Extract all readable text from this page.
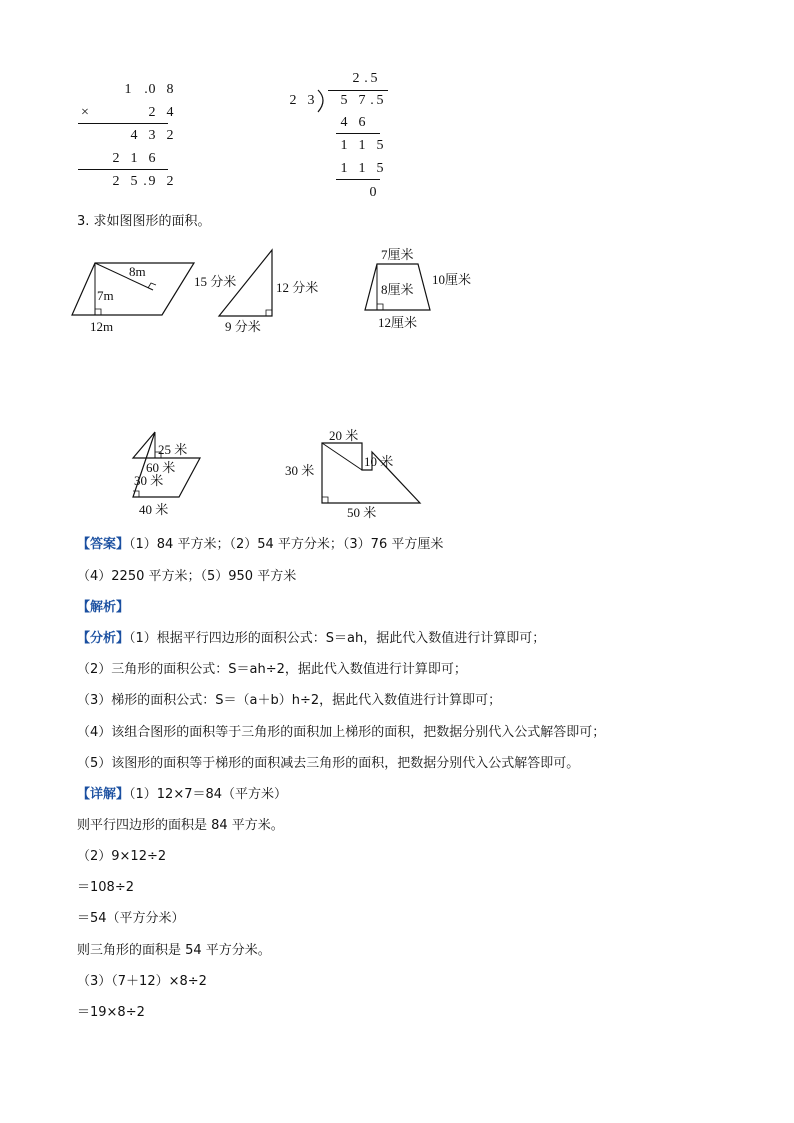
1 . 0 8
×	2 4
4 3 2
2 1 6
2 5 . 9 2
2 . 5
2 3	5 7 . 5
4 6
1 1 5
1 1 5
0
3. 求如图图形的面积。
8m
7m
12m
15 分米	12 分米
9 分米
7厘米
10厘米
8厘米
12厘米
25 米
60 米
30 米
40 米
20 米
10 米
30 米
50 米
【答案】（1）84 平方米；（2）54 平方分米；（3）76 平方厘米
（4）2250 平方米；（5）950 平方米
【解析】
【分析】（1）根据平行四边形的面积公式：S＝ah，据此代入数值进行计算即可；
（2）三角形的面积公式：S＝ah÷2，据此代入数值进行计算即可；
（3）梯形的面积公式：S＝（a＋b）h÷2，据此代入数值进行计算即可；
（4）该组合图形的面积等于三角形的面积加上梯形的面积，把数据分别代入公式解答即可；
（5）该图形的面积等于梯形的面积减去三角形的面积，把数据分别代入公式解答即可。
【详解】（1）12×7＝84（平方米）
则平行四边形的面积是 84 平方米。
（2）9×12÷2
＝108÷2
＝54（平方分米）
则三角形的面积是 54 平方分米。
（3）（7＋12）×8÷2
＝19×8÷2
